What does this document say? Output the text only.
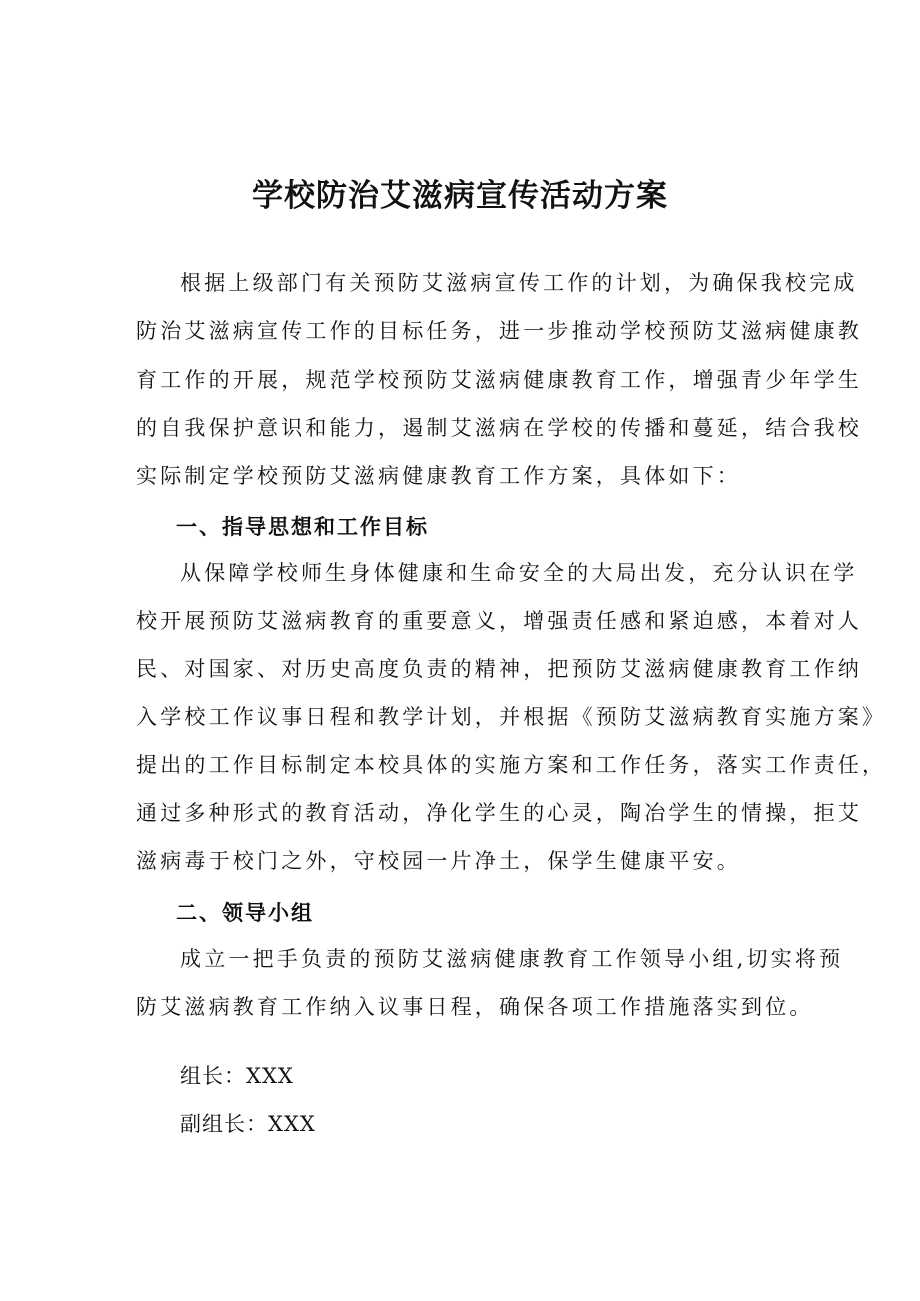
学校防治艾滋病宣传活动方案
根据上级部门有关预防艾滋病宣传工作的计划，为确保我校完成
防治艾滋病宣传工作的目标任务，进一步推动学校预防艾滋病健康教
育工作的开展，规范学校预防艾滋病健康教育工作，增强青少年学生
的自我保护意识和能力，遏制艾滋病在学校的传播和蔓延，结合我校
实际制定学校预防艾滋病健康教育工作方案，具体如下：
一、指导思想和工作目标
从保障学校师生身体健康和生命安全的大局出发，充分认识在学
校开展预防艾滋病教育的重要意义，增强责任感和紧迫感，本着对人
民、对国家、对历史高度负责的精神，把预防艾滋病健康教育工作纳
入学校工作议事日程和教学计划，并根据《预防艾滋病教育实施方案》
提出的工作目标制定本校具体的实施方案和工作任务，落实工作责任，
通过多种形式的教育活动，净化学生的心灵，陶冶学生的情操，拒艾
滋病毒于校门之外，守校园一片净土，保学生健康平安。
二、领导小组
成立一把手负责的预防艾滋病健康教育工作领导小组,切实将预
防艾滋病教育工作纳入议事日程，确保各项工作措施落实到位。
组长：XXX
副组长：XXX
